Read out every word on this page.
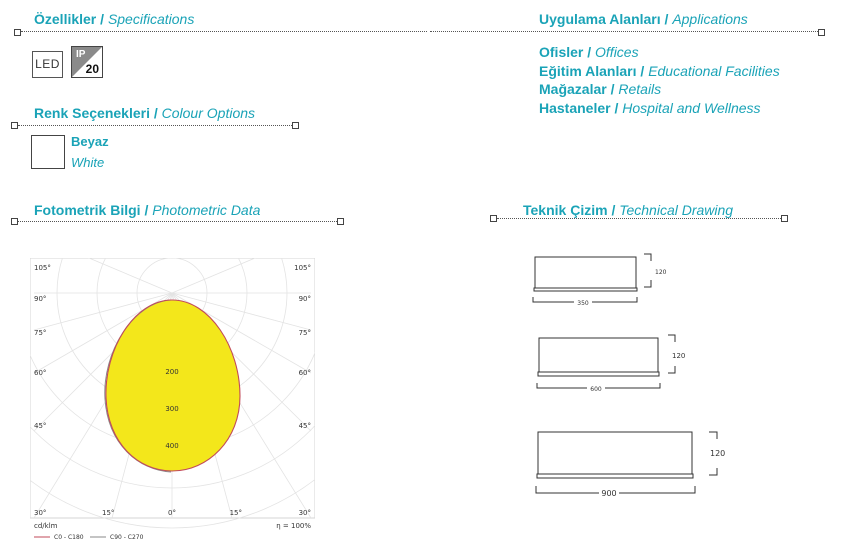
Özellikler / Specifications
LED
IP
20
Uygulama Alanları / Applications
Ofisler / Offices
Eğitim Alanları / Educational Facilities
Mağazalar / Retails
Hastaneler / Hospital and Wellness
Renk Seçenekleri / Colour Options
Beyaz
White
Fotometrik Bilgi / Photometric Data
105°
90°
75°
60°
45°
105°
90°
75°
60°
45°
30°	15°	0°	15°	30°
200
300
400
cd/klm	η = 100%
C0 - C180	C90 - C270
Teknik Çizim / Technical Drawing
120
350
120
600
120
900
